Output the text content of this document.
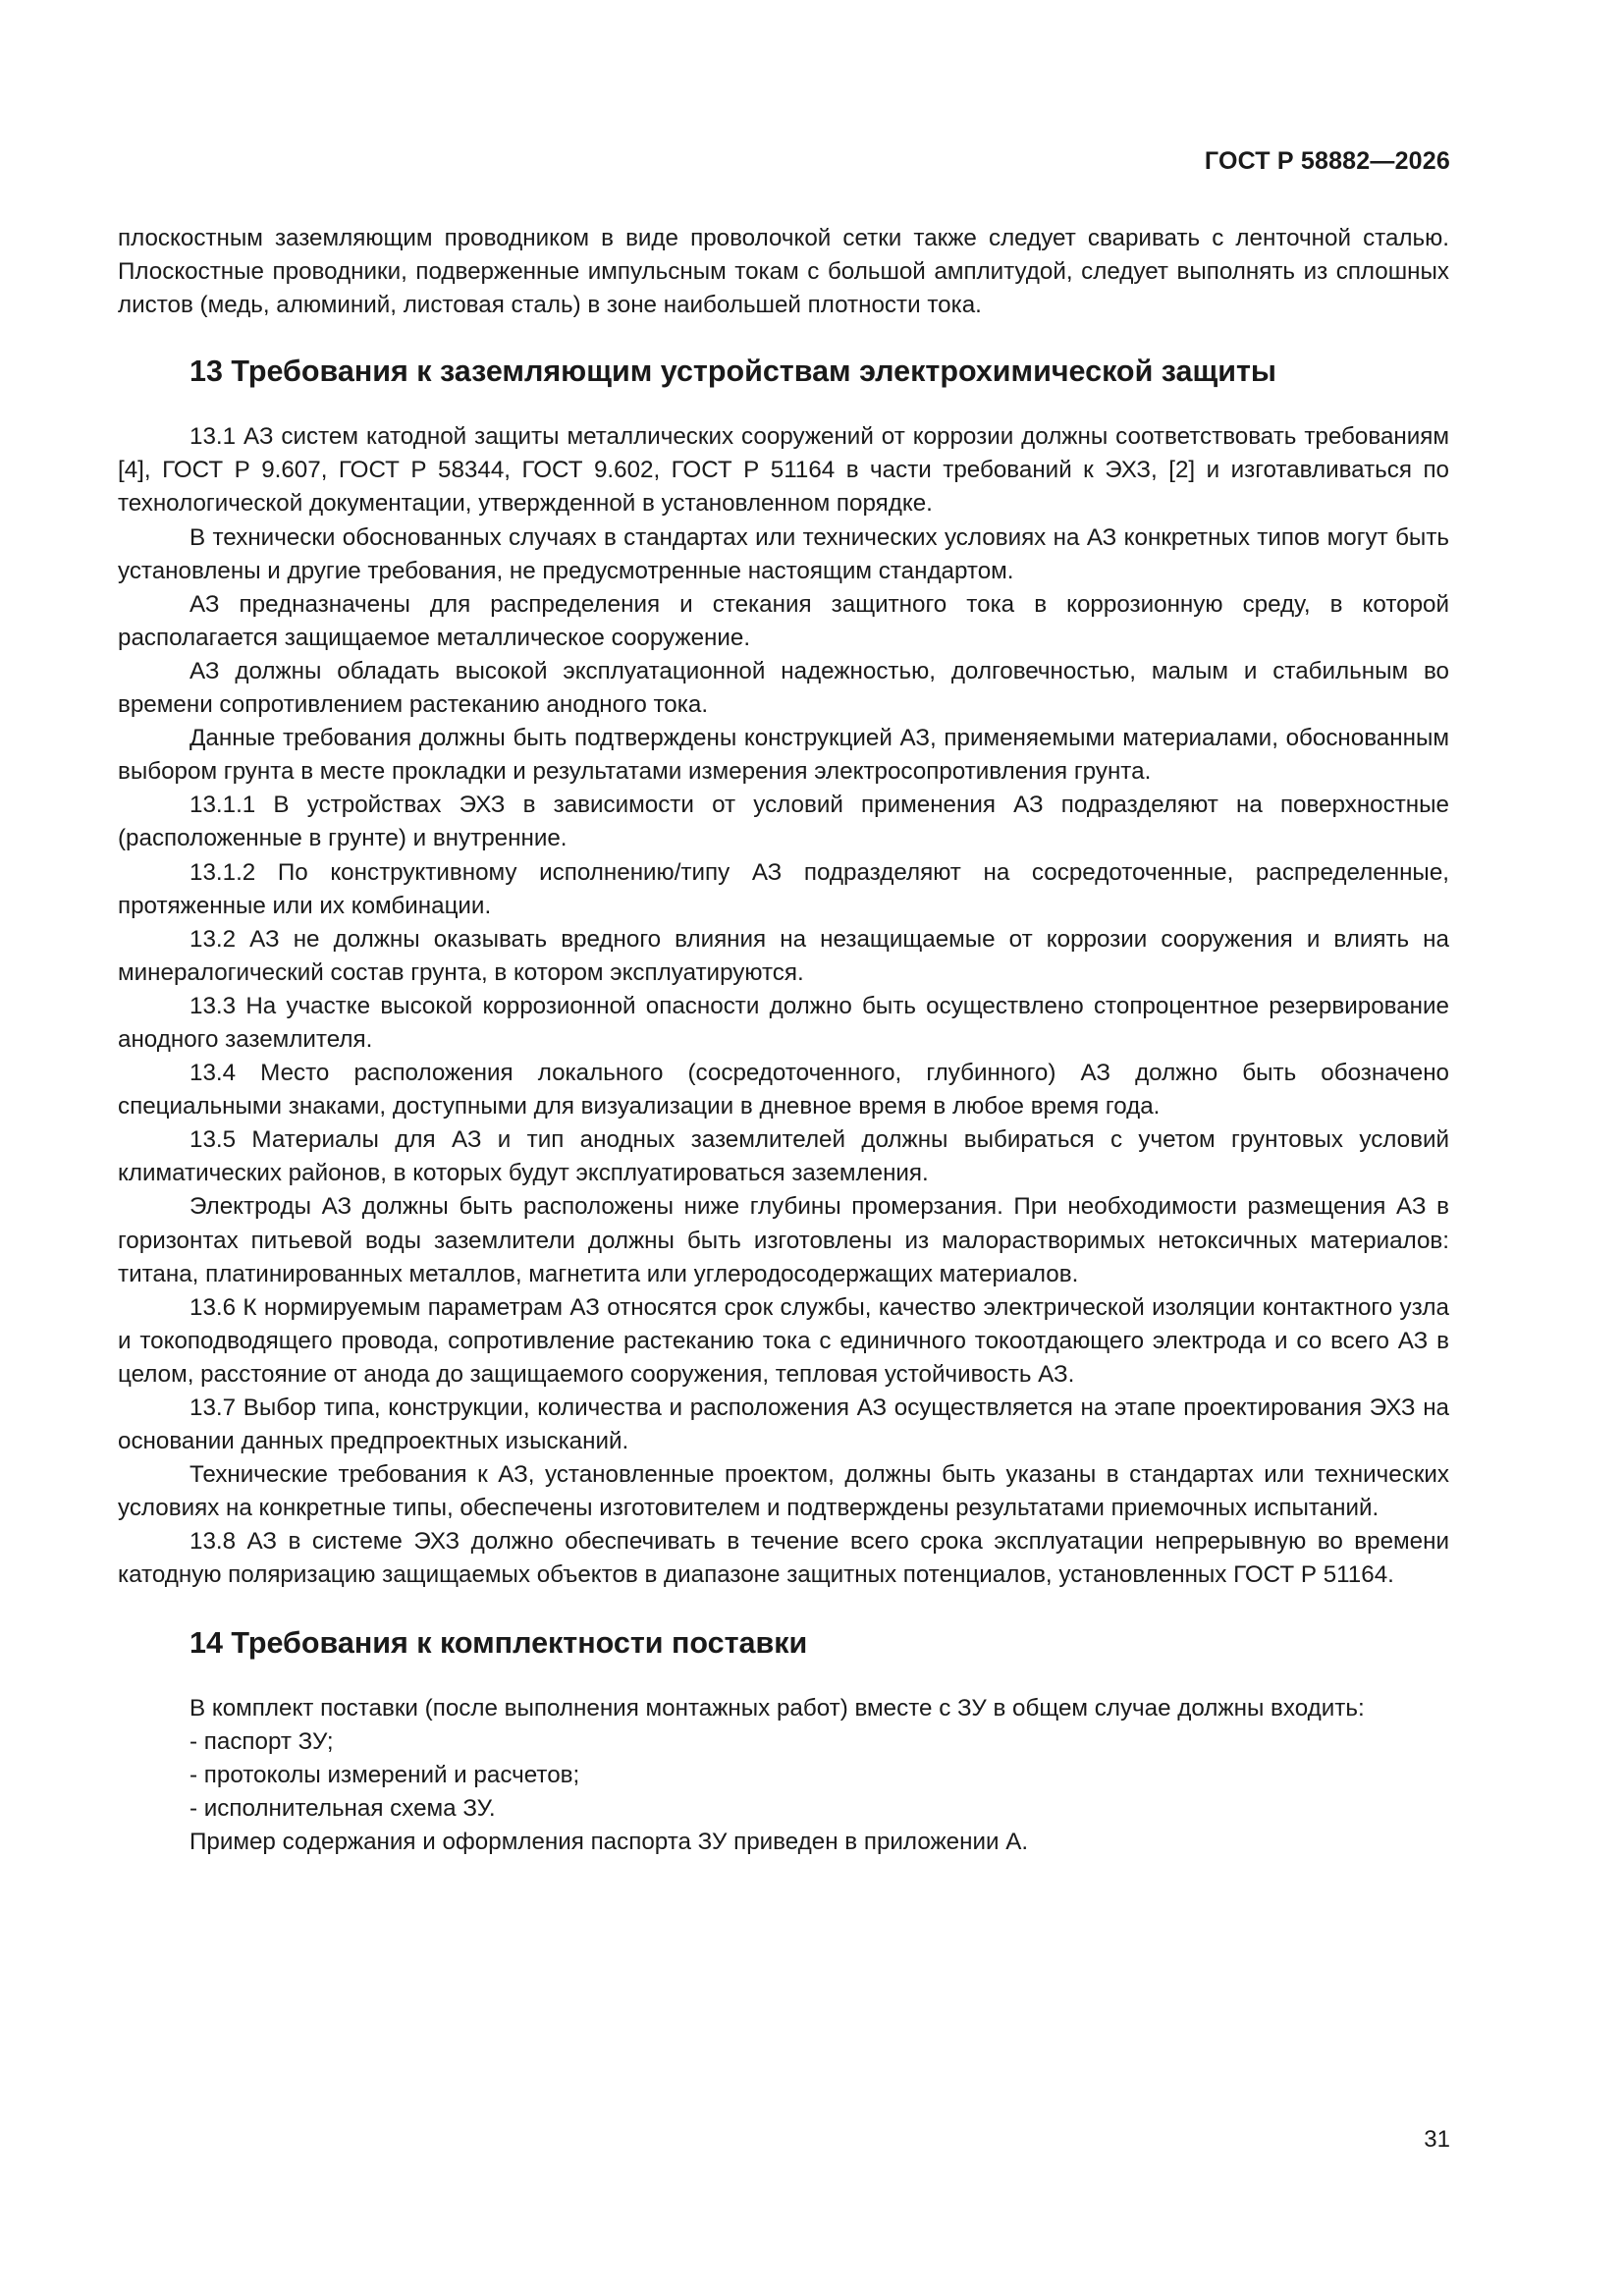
ГОСТ Р 58882—2026

плоскостным заземляющим проводником в виде проволочкой сетки также следует сваривать с ленточной сталью. Плоскостные проводники, подверженные импульсным токам с большой амплитудой, следует выполнять из сплошных листов (медь, алюминий, листовая сталь) в зоне наибольшей плотности тока.

13 Требования к заземляющим устройствам электрохимической защиты

13.1 АЗ систем катодной защиты металлических сооружений от коррозии должны соответствовать требованиям [4], ГОСТ Р 9.607, ГОСТ Р 58344, ГОСТ 9.602, ГОСТ Р 51164 в части требований к ЭХЗ, [2] и изготавливаться по технологической документации, утвержденной в установленном порядке.

В технически обоснованных случаях в стандартах или технических условиях на АЗ конкретных типов могут быть установлены и другие требования, не предусмотренные настоящим стандартом.

АЗ предназначены для распределения и стекания защитного тока в коррозионную среду, в которой располагается защищаемое металлическое сооружение.

АЗ должны обладать высокой эксплуатационной надежностью, долговечностью, малым и стабильным во времени сопротивлением растеканию анодного тока.

Данные требования должны быть подтверждены конструкцией АЗ, применяемыми материалами, обоснованным выбором грунта в месте прокладки и результатами измерения электросопротивления грунта.

13.1.1 В устройствах ЭХЗ в зависимости от условий применения АЗ подразделяют на поверхностные (расположенные в грунте) и внутренние.

13.1.2 По конструктивному исполнению/типу АЗ подразделяют на сосредоточенные, распределенные, протяженные или их комбинации.

13.2 АЗ не должны оказывать вредного влияния на незащищаемые от коррозии сооружения и влиять на минералогический состав грунта, в котором эксплуатируются.

13.3 На участке высокой коррозионной опасности должно быть осуществлено стопроцентное резервирование анодного заземлителя.

13.4 Место расположения локального (сосредоточенного, глубинного) АЗ должно быть обозначено специальными знаками, доступными для визуализации в дневное время в любое время года.

13.5 Материалы для АЗ и тип анодных заземлителей должны выбираться с учетом грунтовых условий климатических районов, в которых будут эксплуатироваться заземления.

Электроды АЗ должны быть расположены ниже глубины промерзания. При необходимости размещения АЗ в горизонтах питьевой воды заземлители должны быть изготовлены из малорастворимых нетоксичных материалов: титана, платинированных металлов, магнетита или углеродосодержащих материалов.

13.6 К нормируемым параметрам АЗ относятся срок службы, качество электрической изоляции контактного узла и токоподводящего провода, сопротивление растеканию тока с единичного токоотдающего электрода и со всего АЗ в целом, расстояние от анода до защищаемого сооружения, тепловая устойчивость АЗ.

13.7 Выбор типа, конструкции, количества и расположения АЗ осуществляется на этапе проектирования ЭХЗ на основании данных предпроектных изысканий.

Технические требования к АЗ, установленные проектом, должны быть указаны в стандартах или технических условиях на конкретные типы, обеспечены изготовителем и подтверждены результатами приемочных испытаний.

13.8 АЗ в системе ЭХЗ должно обеспечивать в течение всего срока эксплуатации непрерывную во времени катодную поляризацию защищаемых объектов в диапазоне защитных потенциалов, установленных ГОСТ Р 51164.

14 Требования к комплектности поставки

В комплект поставки (после выполнения монтажных работ) вместе с ЗУ в общем случае должны входить:

- паспорт ЗУ;

- протоколы измерений и расчетов;

- исполнительная схема ЗУ.

Пример содержания и оформления паспорта ЗУ приведен в приложении А.

31
